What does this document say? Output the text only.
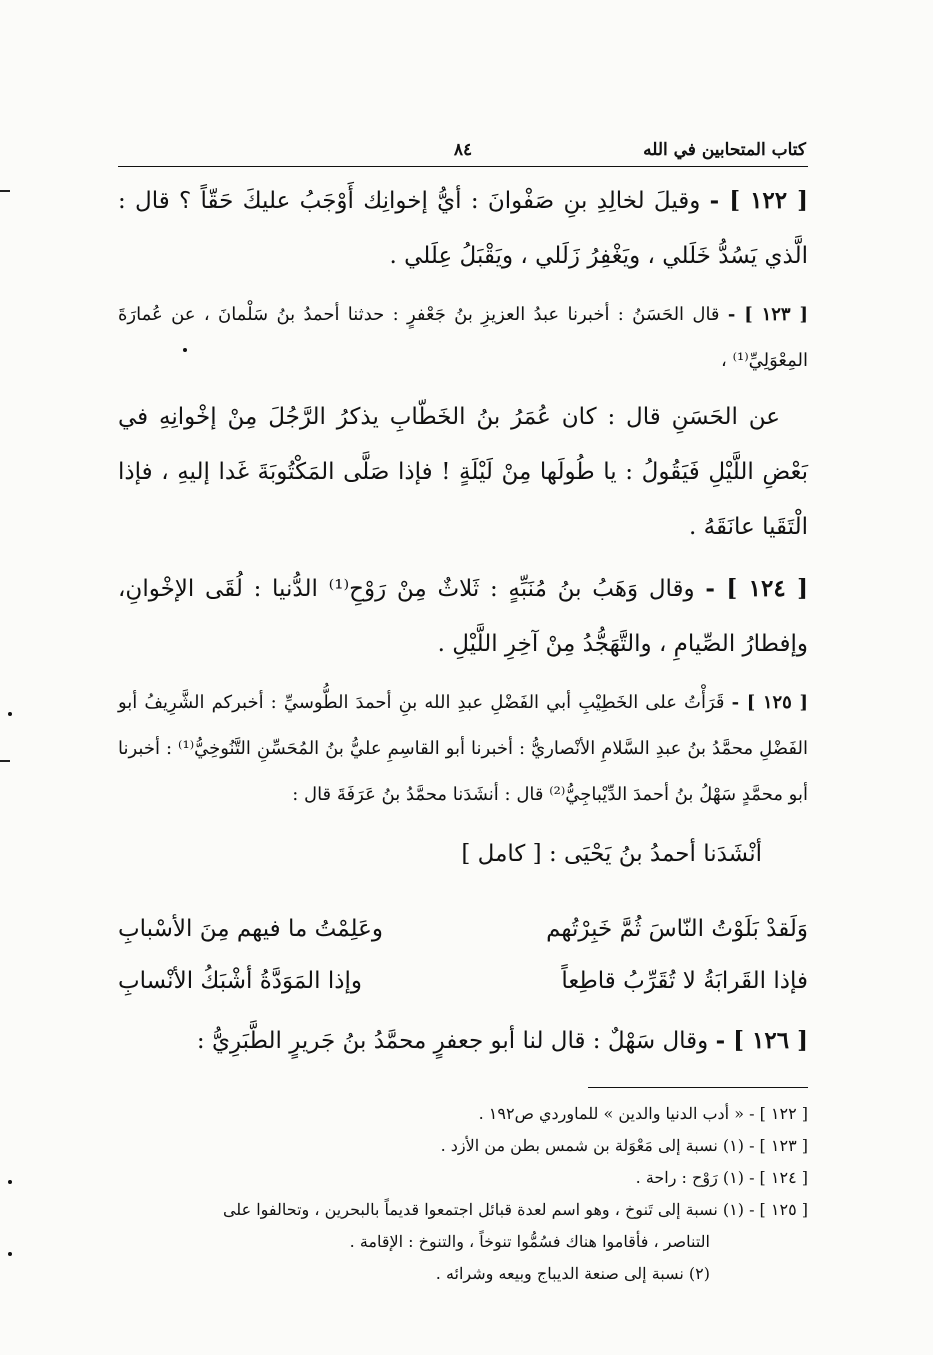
كتاب المتحابين في الله
٨٤

[ ١٢٢ ] - وقيلَ لخالِدِ بنِ صَفْوانَ : أيُّ إخوانِك أَوْجَبُ عليكَ حَقّاً ؟ قال : الَّذي يَسُدُّ خَلَلي ، ويَغْفِرُ زَلَلي ، ويَقْبَلُ عِلَلي .

[ ١٢٣ ] - قال الحَسَنُ : أخبرنا عبدُ العزيزِ بنُ جَعْفرٍ : حدثنا أحمدُ بنُ سَلْمانَ ، عن عُمارَةَ المِعْوَلِيِّ⁽¹⁾ ،

عن الحَسَنِ قال : كان عُمَرُ بنُ الخَطّابِ يذكرُ الرَّجُلَ مِنْ إخْوانِهِ في بَعْضِ اللَّيْلِ فَيَقُولُ : يا طُولَها مِنْ لَيْلَةٍ ! فإذا صَلَّى المَكْتُوبَةَ غَدا إليهِ ، فإذا الْتَقَيا عانَقَهُ .

[ ١٢٤ ] - وقال وَهَبُ بنُ مُنَبِّهٍ : ثَلاثٌ مِنْ رَوْحِ⁽¹⁾ الدُّنيا : لُقَى الإخْوانِ، وإفطارُ الصِّيامِ ، والتَّهَجُّدُ مِنْ آخِرِ اللَّيْلِ .

[ ١٢٥ ] - قَرَأْتُ على الخَطِيْبِ أبي الفَضْلِ عبدِ الله بنِ أحمدَ الطُّوسيِّ : أخبركم الشَّرِيفُ أبو الفَضْلِ محمَّدُ بنُ عبدِ السَّلامِ الأنْصاريُّ : أخبرنا أبو القاسِمِ عليُّ بنُ المُحَسِّنِ التَّنُوخِيُّ⁽¹⁾ : أخبرنا أبو محمَّدٍ سَهْلُ بنُ أحمدَ الدِّيْباجِيُّ⁽²⁾ قال : أنشَدَنا محمَّدُ بنُ عَرَفَةَ قال :

أنْشَدَنا أحمدُ بنُ يَحْيَى : [ كامل ]

وَلَقدْ بَلَوْتُ النّاسَ ثُمَّ خَبِرْتُهم
وعَلِمْتُ ما فيهم مِنَ الأسْبابِ
فإذا القَرابَةُ لا تُقَرِّبُ قاطِعاً
وإذا المَوَدَّةُ أشْبَكُ الأنْسابِ

[ ١٢٦ ] - وقال سَهْلٌ : قال لنا أبو جعفرٍ محمَّدُ بنُ جَريرٍ الطَّبَرِيُّ :

[ ١٢٢ ] - « أدب الدنيا والدين » للماوردي ص١٩٢ .

[ ١٢٣ ] - (١) نسبة إلى مَعْوَلة بن شمس بطن من الأزد .

[ ١٢٤ ] - (١) رَوْح : راحة .

[ ١٢٥ ] - (١) نسبة إلى تَنوخ ، وهو اسم لعدة قبائل اجتمعوا قديماً بالبحرين ، وتحالفوا على

التناصر ، فأقاموا هناك فسُمُّوا تنوخاً ، والتنوخ : الإقامة .

(٢) نسبة إلى صنعة الديباج وبيعه وشرائه .
